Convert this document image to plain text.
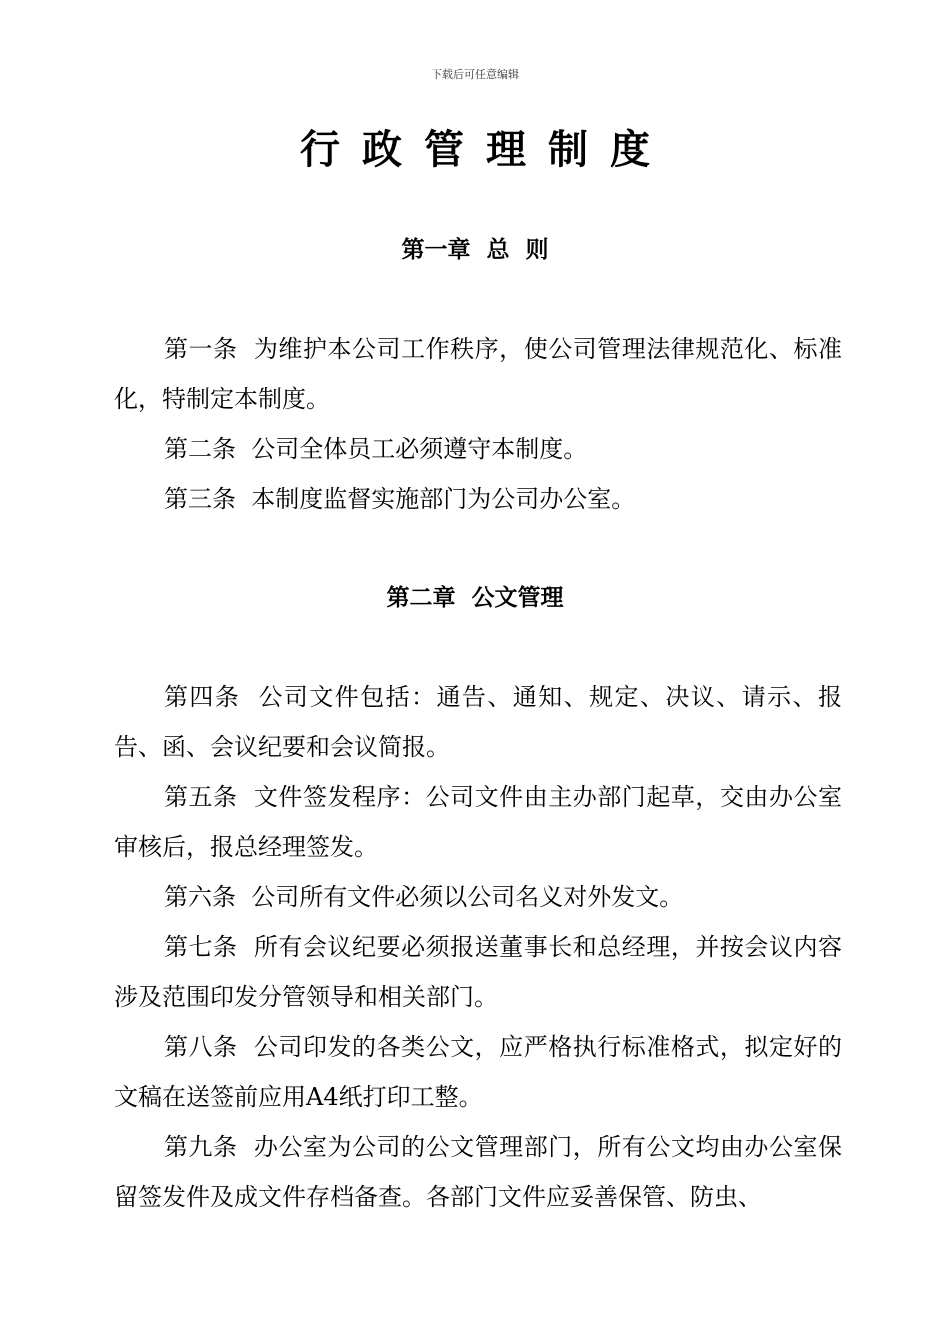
下载后可任意编辑
行政管理制度
第一章  总  则

第一条 为维护本公司工作秩序，使公司管理法律规范化、标准化，特制定本制度。

第二条 公司全体员工必须遵守本制度。

第三条 本制度监督实施部门为公司办公室。

第二章  公文管理

第四条 公司文件包括：通告、通知、规定、决议、请示、报告、函、会议纪要和会议简报。

第五条 文件签发程序：公司文件由主办部门起草，交由办公室审核后，报总经理签发。

第六条 公司所有文件必须以公司名义对外发文。

第七条 所有会议纪要必须报送董事长和总经理，并按会议内容涉及范围印发分管领导和相关部门。

第八条 公司印发的各类公文，应严格执行标准格式，拟定好的文稿在送签前应用A4纸打印工整。

第九条 办公室为公司的公文管理部门，所有公文均由办公室保留签发件及成文件存档备查。各部门文件应妥善保管、防虫、
